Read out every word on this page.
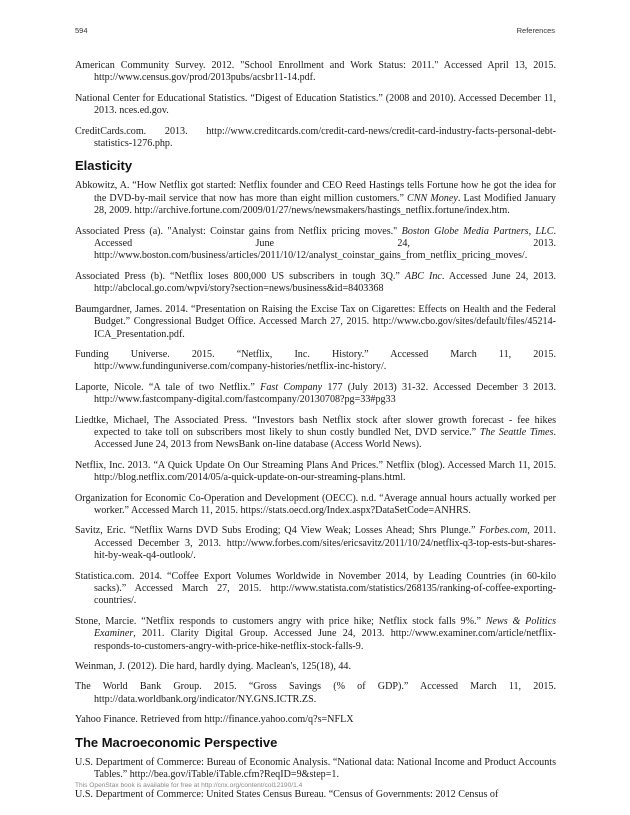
594	References
American Community Survey. 2012. "School Enrollment and Work Status: 2011." Accessed April 13, 2015. http://www.census.gov/prod/2013pubs/acsbr11-14.pdf.
National Center for Educational Statistics. “Digest of Education Statistics.” (2008 and 2010). Accessed December 11, 2013. nces.ed.gov.
CreditCards.com. 2013. http://www.creditcards.com/credit-card-news/credit-card-industry-facts-personal-debt-statistics-1276.php.
Elasticity
Abkowitz, A. “How Netflix got started: Netflix founder and CEO Reed Hastings tells Fortune how he got the idea for the DVD-by-mail service that now has more than eight million customers.” CNN Money. Last Modified January 28, 2009. http://archive.fortune.com/2009/01/27/news/newsmakers/hastings_netflix.fortune/index.htm.
Associated Press (a). "Analyst: Coinstar gains from Netflix pricing moves." Boston Globe Media Partners, LLC. Accessed June 24, 2013. http://www.boston.com/business/articles/2011/10/12/analyst_coinstar_gains_from_netflix_pricing_moves/.
Associated Press (b). “Netflix loses 800,000 US subscribers in tough 3Q.” ABC Inc. Accessed June 24, 2013. http://abclocal.go.com/wpvi/story?section=news/business&id=8403368
Baumgardner, James. 2014. “Presentation on Raising the Excise Tax on Cigarettes: Effects on Health and the Federal Budget.” Congressional Budget Office. Accessed March 27, 2015. http://www.cbo.gov/sites/default/files/45214-ICA_Presentation.pdf.
Funding Universe. 2015. “Netflix, Inc. History.” Accessed March 11, 2015. http://www.fundinguniverse.com/company-histories/netflix-inc-history/.
Laporte, Nicole. “A tale of two Netflix.” Fast Company 177 (July 2013) 31-32. Accessed December 3 2013. http://www.fastcompany-digital.com/fastcompany/20130708?pg=33#pg33
Liedtke, Michael, The Associated Press. “Investors bash Netflix stock after slower growth forecast - fee hikes expected to take toll on subscribers most likely to shun costly bundled Net, DVD service.” The Seattle Times. Accessed June 24, 2013 from NewsBank on-line database (Access World News).
Netflix, Inc. 2013. “A Quick Update On Our Streaming Plans And Prices.” Netflix (blog). Accessed March 11, 2015. http://blog.netflix.com/2014/05/a-quick-update-on-our-streaming-plans.html.
Organization for Economic Co-Operation and Development (OECC). n.d. “Average annual hours actually worked per worker.” Accessed March 11, 2015. https://stats.oecd.org/Index.aspx?DataSetCode=ANHRS.
Savitz, Eric. “Netflix Warns DVD Subs Eroding; Q4 View Weak; Losses Ahead; Shrs Plunge.” Forbes.com, 2011. Accessed December 3, 2013. http://www.forbes.com/sites/ericsavitz/2011/10/24/netflix-q3-top-ests-but-shares-hit-by-weak-q4-outlook/.
Statistica.com. 2014. “Coffee Export Volumes Worldwide in November 2014, by Leading Countries (in 60-kilo sacks).” Accessed March 27, 2015. http://www.statista.com/statistics/268135/ranking-of-coffee-exporting-countries/.
Stone, Marcie. “Netflix responds to customers angry with price hike; Netflix stock falls 9%.” News & Politics Examiner, 2011. Clarity Digital Group. Accessed June 24, 2013. http://www.examiner.com/article/netflix-responds-to-customers-angry-with-price-hike-netflix-stock-falls-9.
Weinman, J. (2012). Die hard, hardly dying. Maclean's, 125(18), 44.
The World Bank Group. 2015. “Gross Savings (% of GDP).” Accessed March 11, 2015. http://data.worldbank.org/indicator/NY.GNS.ICTR.ZS.
Yahoo Finance. Retrieved from http://finance.yahoo.com/q?s=NFLX
The Macroeconomic Perspective
U.S. Department of Commerce: Bureau of Economic Analysis. “National data: National Income and Product Accounts Tables.” http://bea.gov/iTable/iTable.cfm?ReqID=9&step=1.
U.S. Department of Commerce: United States Census Bureau. “Census of Governments: 2012 Census of
This OpenStax book is available for free at http://cnx.org/content/col12190/1.4
